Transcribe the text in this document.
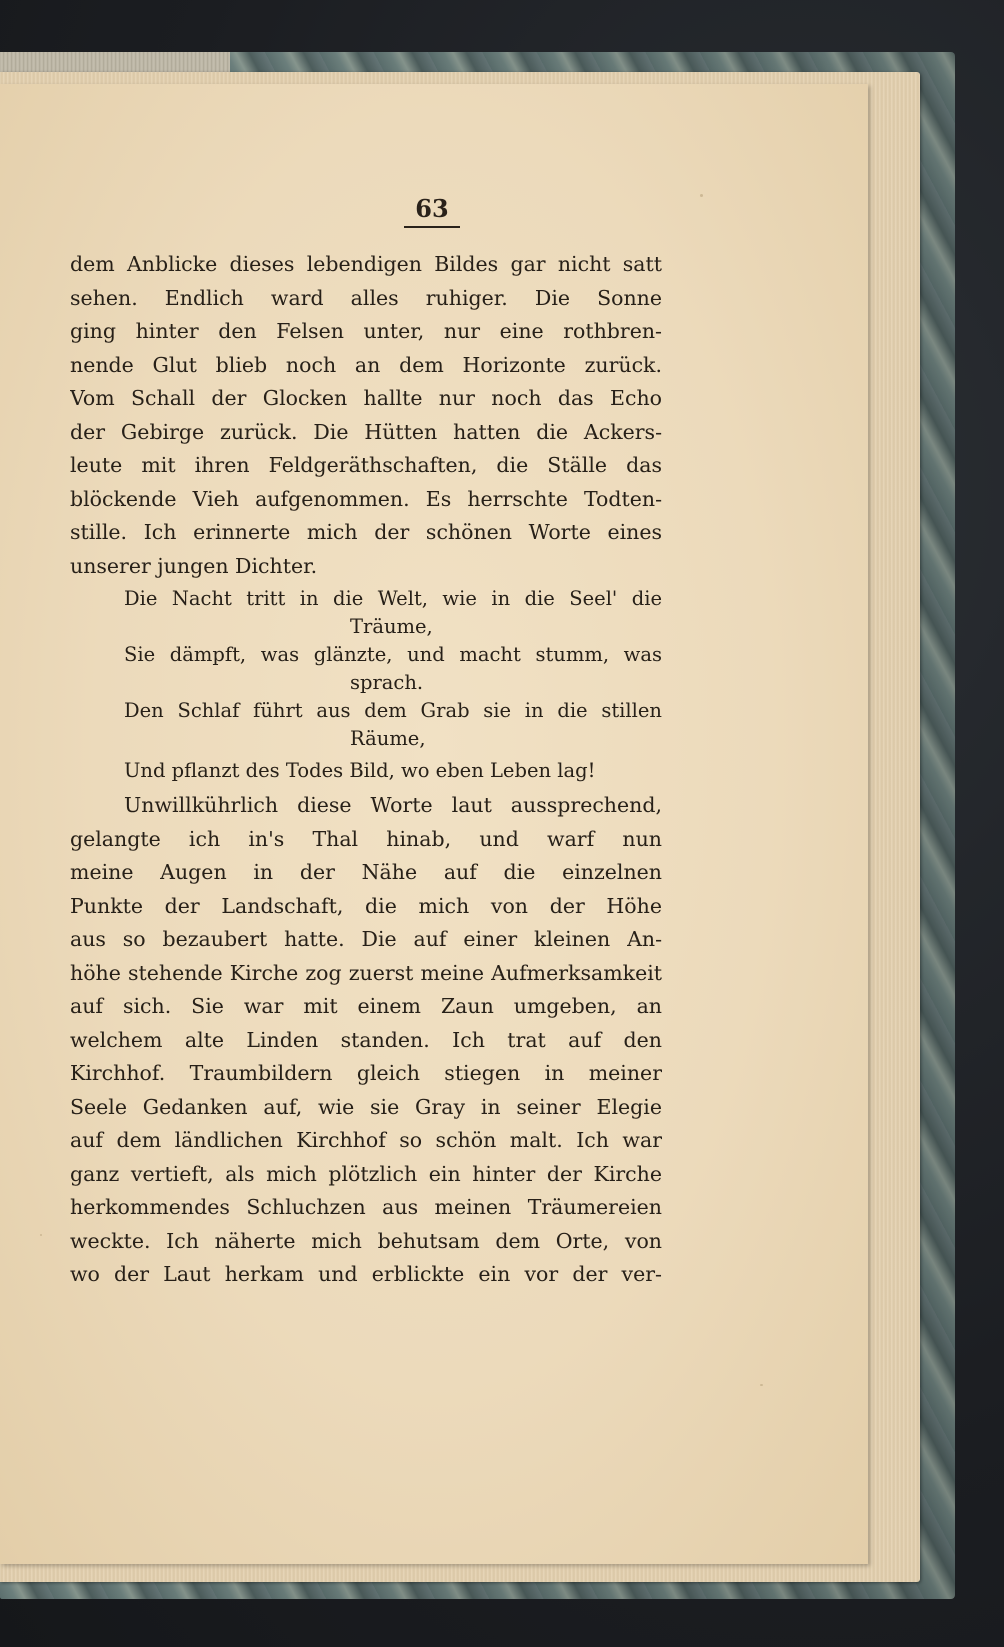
63
dem Anblicke dieses lebendigen Bildes gar nicht satt
sehen. Endlich ward alles ruhiger. Die Sonne
ging hinter den Felsen unter, nur eine rothbren-
nende Glut blieb noch an dem Horizonte zurück.
Vom Schall der Glocken hallte nur noch das Echo
der Gebirge zurück. Die Hütten hatten die Ackers-
leute mit ihren Feldgeräthschaften, die Ställe das
blöckende Vieh aufgenommen. Es herrschte Todten-
stille. Ich erinnerte mich der schönen Worte eines
unserer jungen Dichter.
Die Nacht tritt in die Welt, wie in die Seel' die
Träume,
Sie dämpft, was glänzte, und macht stumm, was
sprach.
Den Schlaf führt aus dem Grab sie in die stillen
Räume,
Und pflanzt des Todes Bild, wo eben Leben lag!
Unwillkührlich diese Worte laut aussprechend,
gelangte ich in's Thal hinab, und warf nun
meine Augen in der Nähe auf die einzelnen
Punkte der Landschaft, die mich von der Höhe
aus so bezaubert hatte. Die auf einer kleinen An-
höhe stehende Kirche zog zuerst meine Aufmerksamkeit
auf sich. Sie war mit einem Zaun umgeben, an
welchem alte Linden standen. Ich trat auf den
Kirchhof. Traumbildern gleich stiegen in meiner
Seele Gedanken auf, wie sie Gray in seiner Elegie
auf dem ländlichen Kirchhof so schön malt. Ich war
ganz vertieft, als mich plötzlich ein hinter der Kirche
herkommendes Schluchzen aus meinen Träumereien
weckte. Ich näherte mich behutsam dem Orte, von
wo der Laut herkam und erblickte ein vor der ver-
